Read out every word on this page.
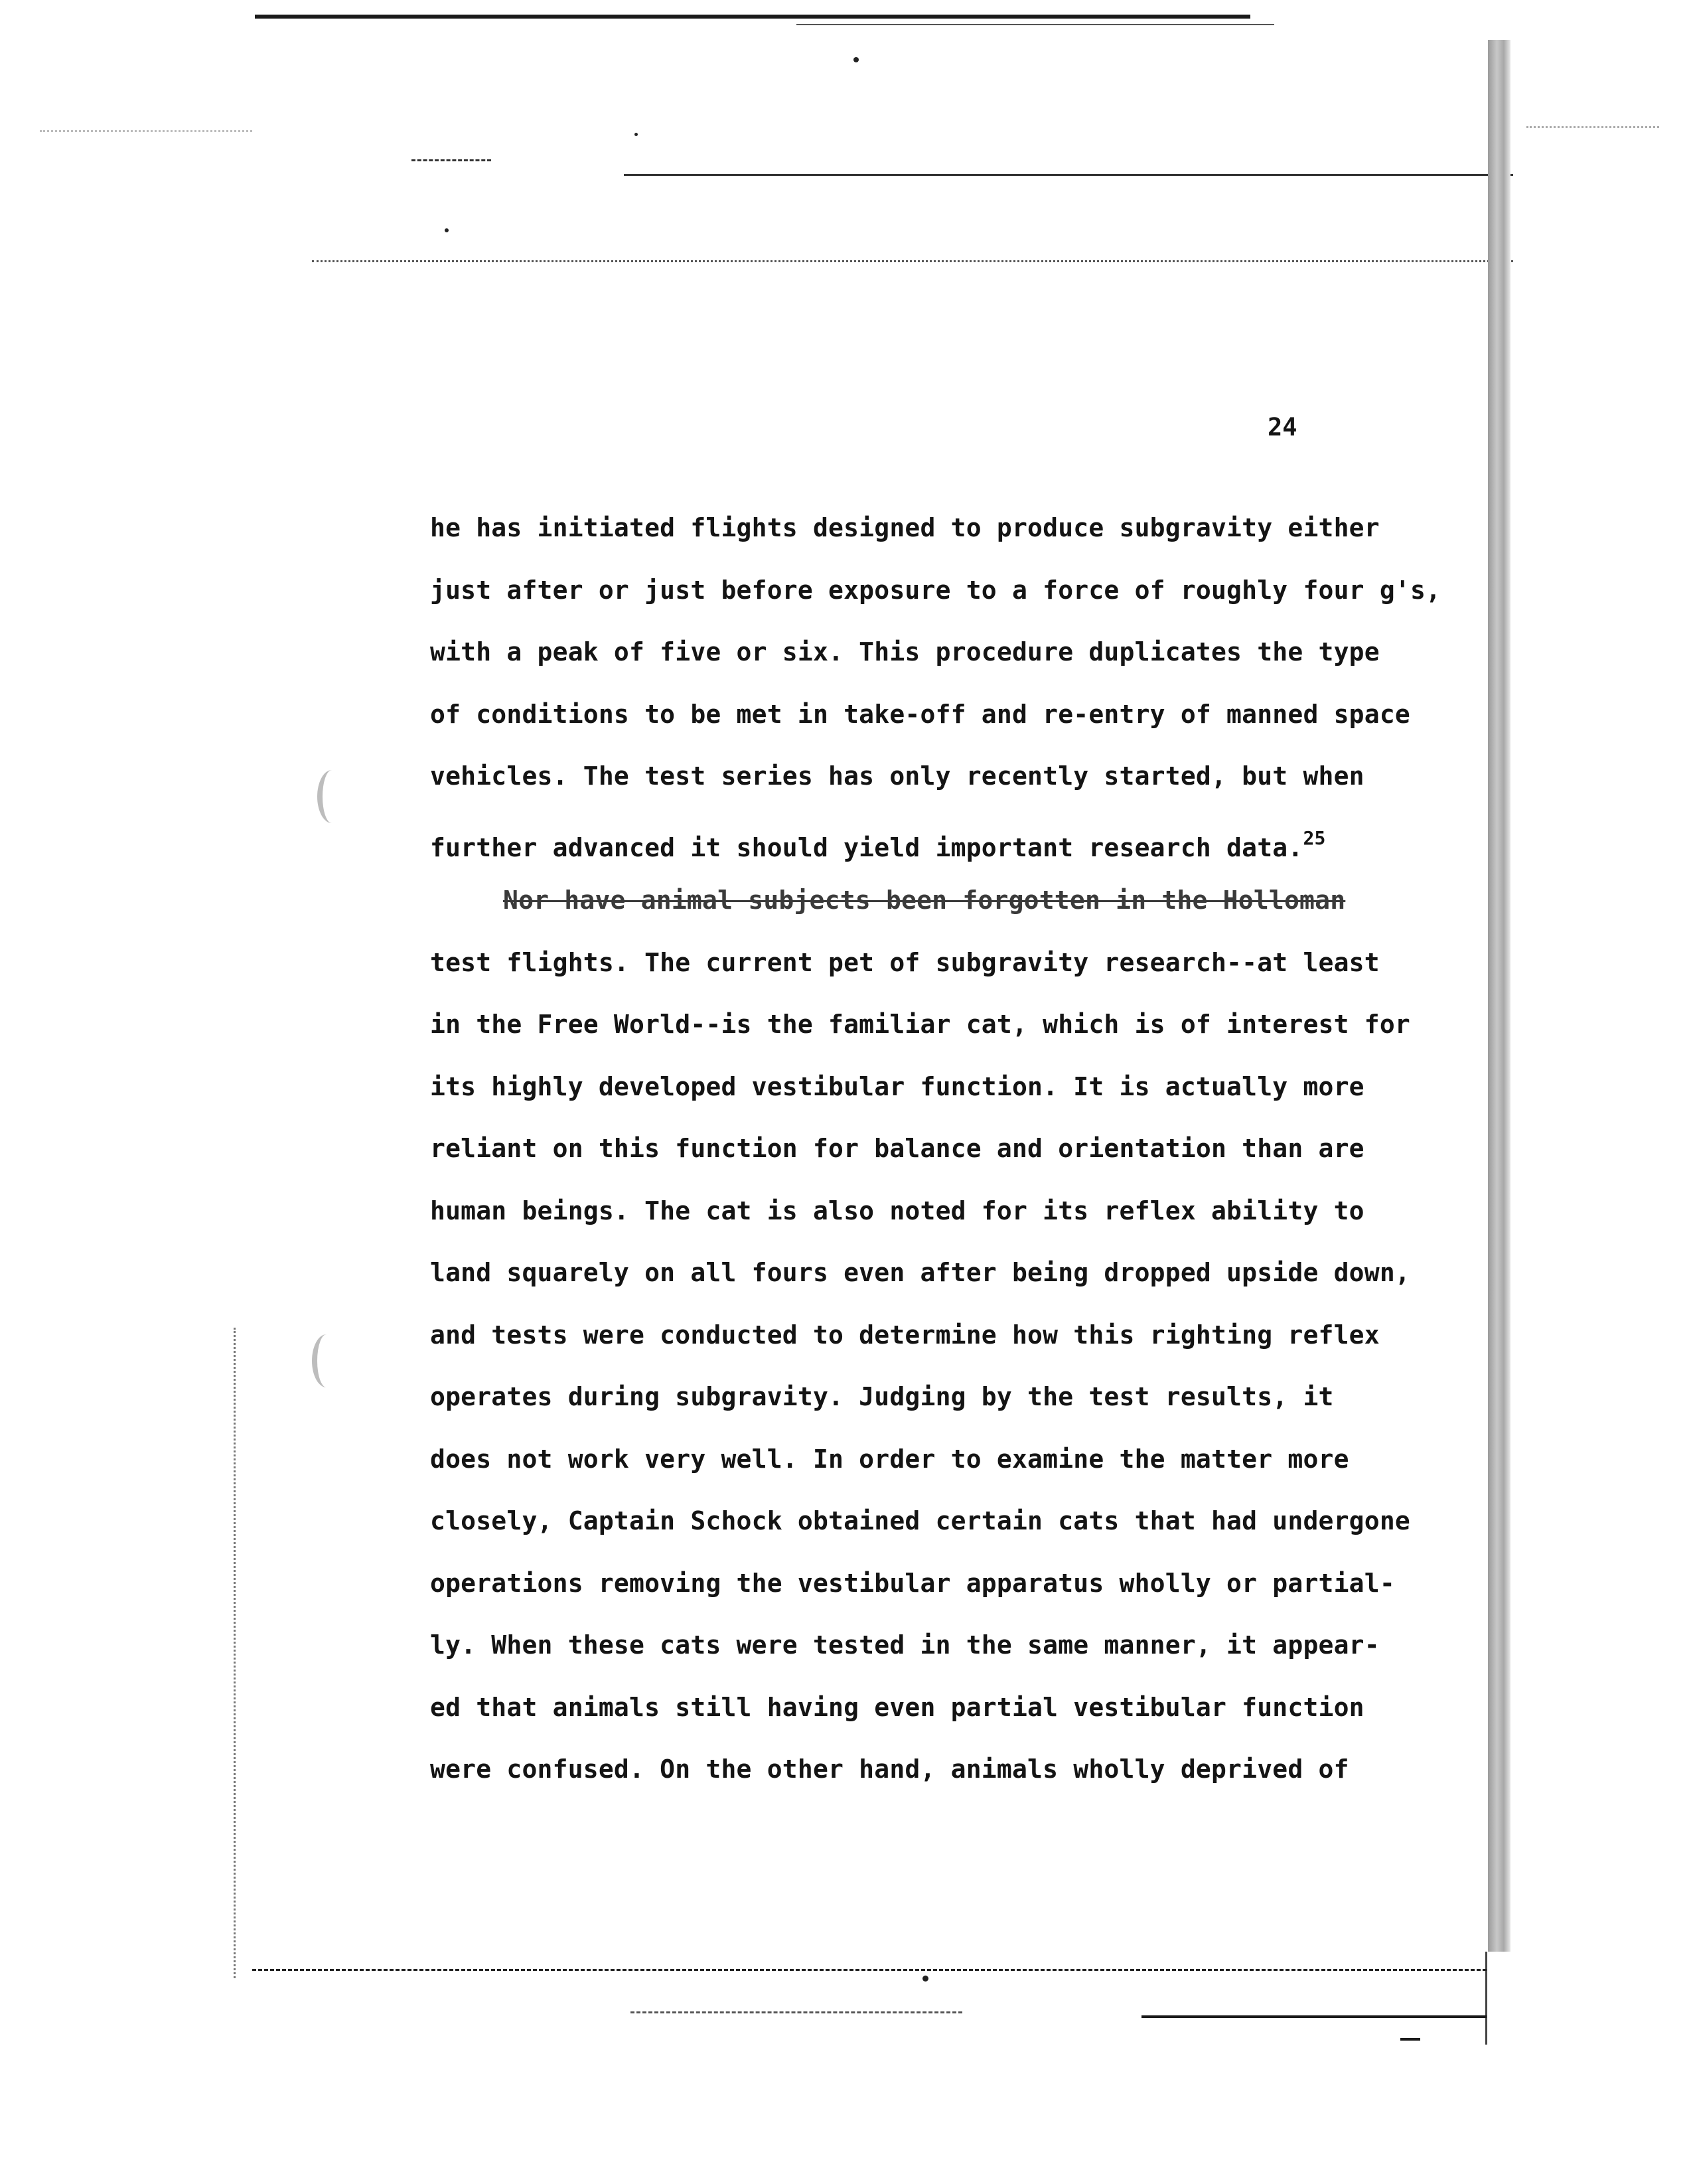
24
he has initiated flights designed to produce subgravity either
just after or just before exposure to a force of roughly four g's,
with a peak of five or six. This procedure duplicates the type
of conditions to be met in take-off and re-entry of manned space
vehicles. The test series has only recently started, but when
further advanced it should yield important research data.$^{25}$
Nor have animal subjects been forgotten in the Holloman
test flights. The current pet of subgravity research--at least
in the Free World--is the familiar cat, which is of interest for
its highly developed vestibular function. It is actually more
reliant on this function for balance and orientation than are
human beings. The cat is also noted for its reflex ability to
land squarely on all fours even after being dropped upside down,
and tests were conducted to determine how this righting reflex
operates during subgravity. Judging by the test results, it
does not work very well. In order to examine the matter more
closely, Captain Schock obtained certain cats that had undergone
operations removing the vestibular apparatus wholly or partial-
ly. When these cats were tested in the same manner, it appear-
ed that animals still having even partial vestibular function
were confused. On the other hand, animals wholly deprived of
